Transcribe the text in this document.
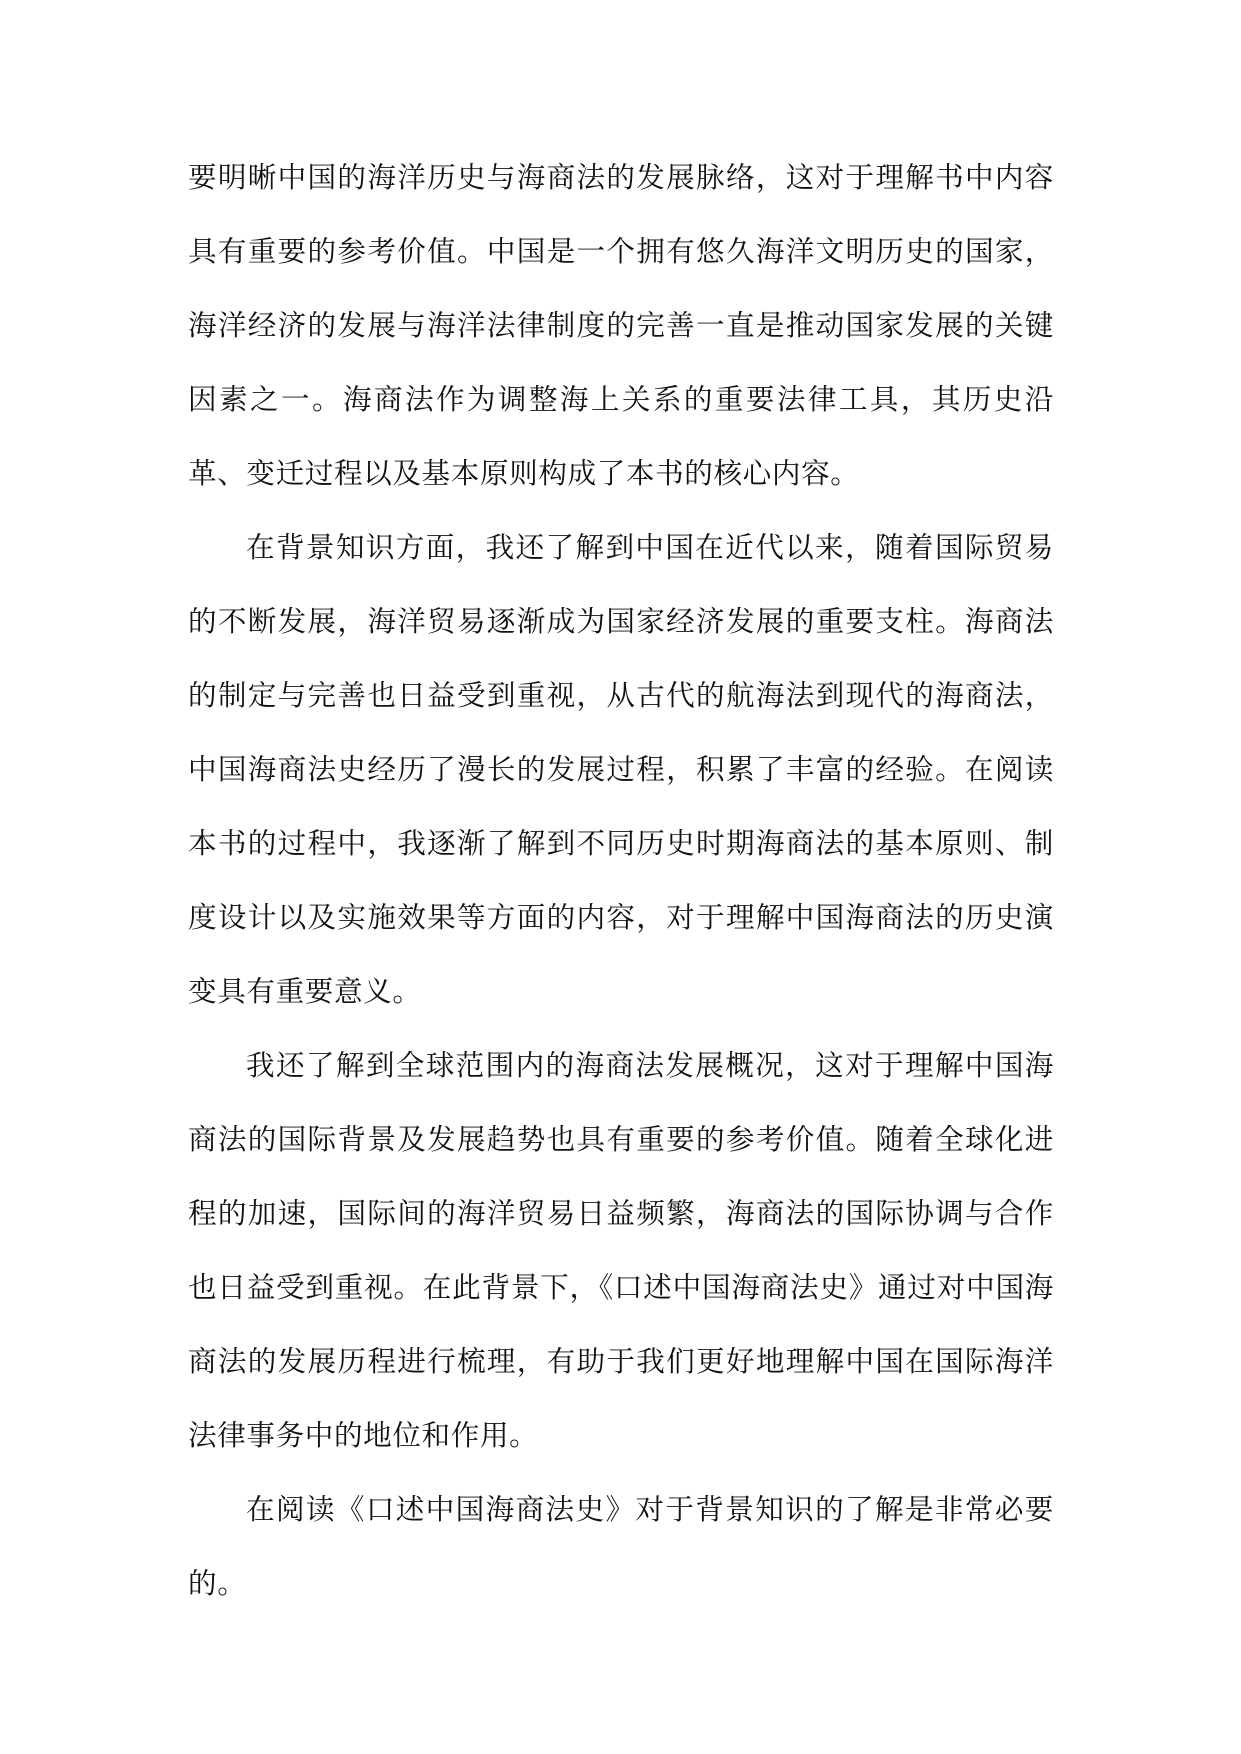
要明晰中国的海洋历史与海商法的发展脉络，这对于理解书中内容具有重要的参考价值。中国是一个拥有悠久海洋文明历史的国家，海洋经济的发展与海洋法律制度的完善一直是推动国家发展的关键因素之一。海商法作为调整海上关系的重要法律工具，其历史沿革、变迁过程以及基本原则构成了本书的核心内容。

在背景知识方面，我还了解到中国在近代以来，随着国际贸易的不断发展，海洋贸易逐渐成为国家经济发展的重要支柱。海商法的制定与完善也日益受到重视，从古代的航海法到现代的海商法，中国海商法史经历了漫长的发展过程，积累了丰富的经验。在阅读本书的过程中，我逐渐了解到不同历史时期海商法的基本原则、制度设计以及实施效果等方面的内容，对于理解中国海商法的历史演变具有重要意义。

我还了解到全球范围内的海商法发展概况，这对于理解中国海商法的国际背景及发展趋势也具有重要的参考价值。随着全球化进程的加速，国际间的海洋贸易日益频繁，海商法的国际协调与合作也日益受到重视。在此背景下，《口述中国海商法史》通过对中国海商法的发展历程进行梳理，有助于我们更好地理解中国在国际海洋法律事务中的地位和作用。

在阅读《口述中国海商法史》对于背景知识的了解是非常必要的。
